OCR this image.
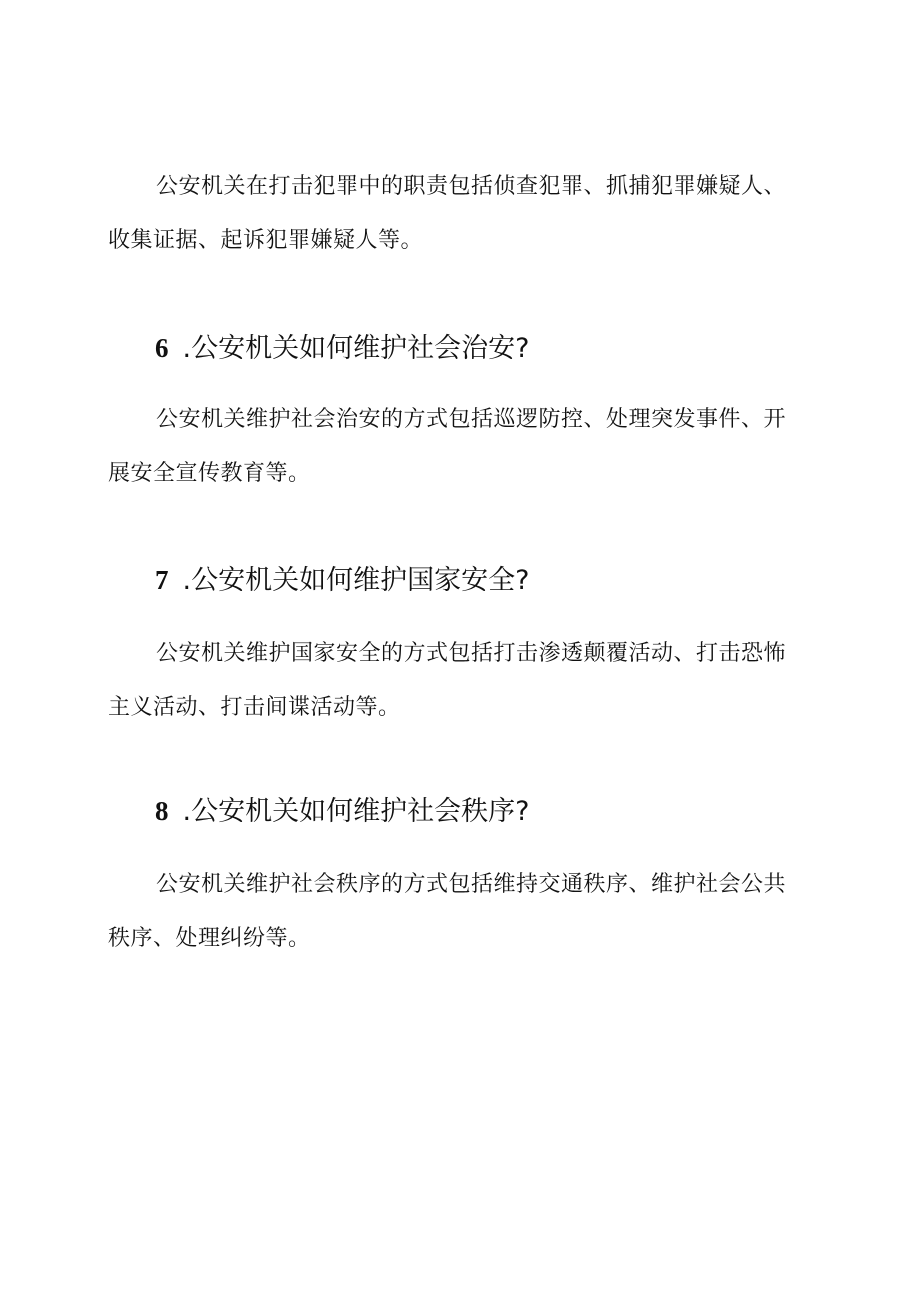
公安机关在打击犯罪中的职责包括侦查犯罪、抓捕犯罪嫌疑人、收集证据、起诉犯罪嫌疑人等。

6 .公安机关如何维护社会治安?

公安机关维护社会治安的方式包括巡逻防控、处理突发事件、开展安全宣传教育等。

7 .公安机关如何维护国家安全?

公安机关维护国家安全的方式包括打击渗透颠覆活动、打击恐怖主义活动、打击间谍活动等。

8 .公安机关如何维护社会秩序?

公安机关维护社会秩序的方式包括维持交通秩序、维护社会公共秩序、处理纠纷等。
